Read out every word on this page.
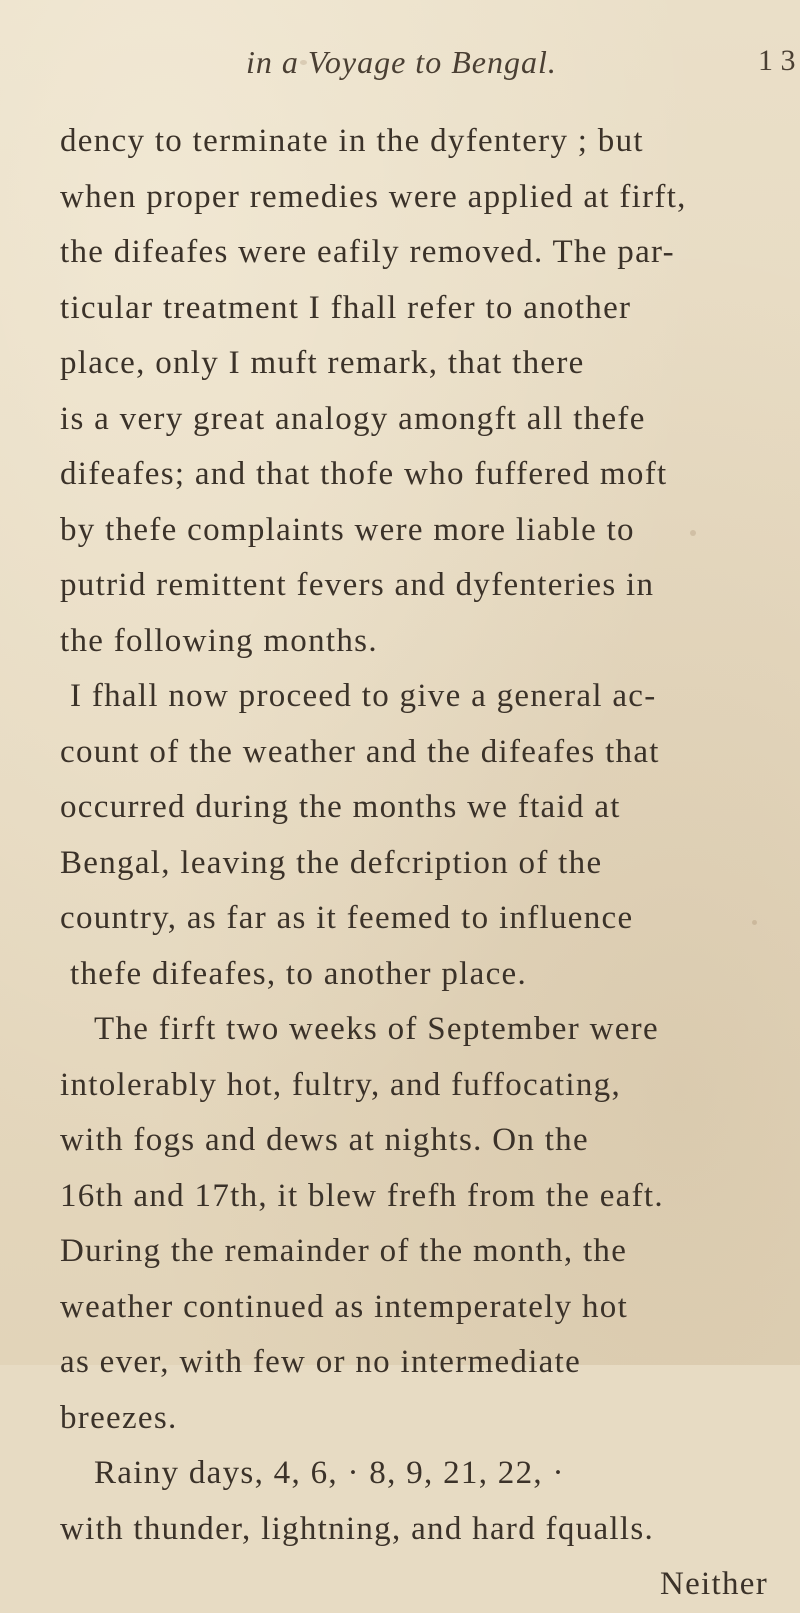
in a Voyage to Bengal.	1 3
dency to terminate in the dyfentery ; but
when proper remedies were applied at firft,
the difeafes were eafily removed. The par-
ticular treatment I fhall refer to another
place, only I muft remark, that there
is a very great analogy amongft all thefe
difeafes; and that thofe who fuffered moft
by thefe complaints were more liable to
putrid remittent fevers and dyfenteries in
the following months.
I fhall now proceed to give a general ac-
count of the weather and the difeafes that
occurred during the months we ftaid at
Bengal, leaving the defcription of the
country, as far as it feemed to influence
thefe difeafes, to another place.
The firft two weeks of September were
intolerably hot, fultry, and fuffocating,
with fogs and dews at nights. On the
16th and 17th, it blew frefh from the eaft.
During the remainder of the month, the
weather continued as intemperately hot
as ever, with few or no intermediate
breezes.
Rainy days, 4, 6, · 8, 9, 21, 22, ·
with thunder, lightning, and hard fqualls.
Neither
